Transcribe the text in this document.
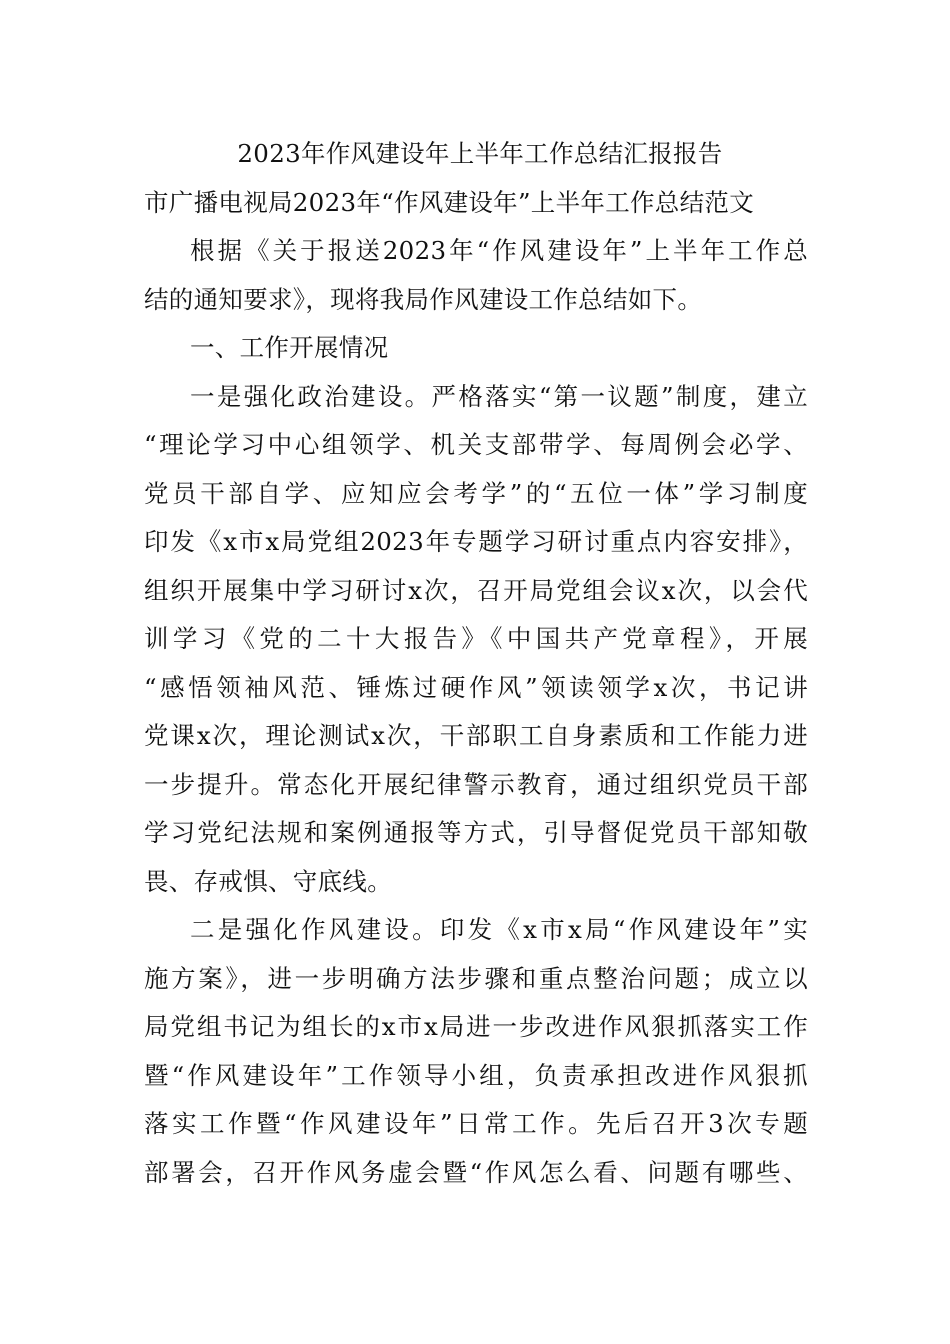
2023年作风建设年上半年工作总结汇报报告
市广播电视局2023年“作风建设年”上半年工作总结范文
根据《关于报送2023年“作风建设年”上半年工作总
结的通知要求》，现将我局作风建设工作总结如下。
一、工作开展情况
一是强化政治建设。严格落实“第一议题”制度，建立
“理论学习中心组领学、机关支部带学、每周例会必学、
党员干部自学、应知应会考学”的“五位一体”学习制度
印发《x市x局党组2023年专题学习研讨重点内容安排》，
组织开展集中学习研讨x次，召开局党组会议x次，以会代
训学习《党的二十大报告》《中国共产党章程》，开展
“感悟领袖风范、锤炼过硬作风”领读领学x次，书记讲
党课x次，理论测试x次，干部职工自身素质和工作能力进
一步提升。常态化开展纪律警示教育，通过组织党员干部
学习党纪法规和案例通报等方式，引导督促党员干部知敬
畏、存戒惧、守底线。
二是强化作风建设。印发《x市x局“作风建设年”实
施方案》，进一步明确方法步骤和重点整治问题；成立以
局党组书记为组长的x市x局进一步改进作风狠抓落实工作
暨“作风建设年”工作领导小组，负责承担改进作风狠抓
落实工作暨“作风建设年”日常工作。先后召开3次专题
部署会，召开作风务虚会暨“作风怎么看、问题有哪些、
